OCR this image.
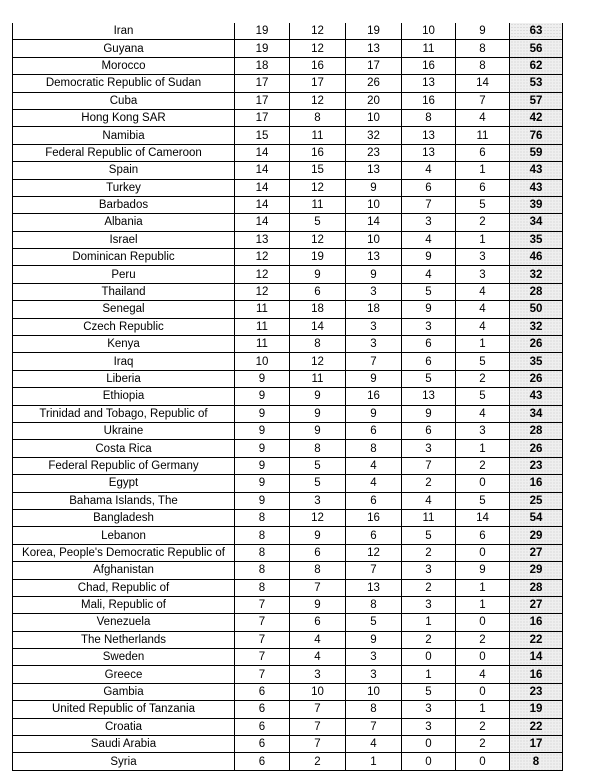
Iran	19	12	19	10	9	63
Guyana	19	12	13	11	8	56
Morocco	18	16	17	16	8	62
Democratic Republic of Sudan	17	17	26	13	14	53
Cuba	17	12	20	16	7	57
Hong Kong SAR	17	8	10	8	4	42
Namibia	15	11	32	13	11	76
Federal Republic of Cameroon	14	16	23	13	6	59
Spain	14	15	13	4	1	43
Turkey	14	12	9	6	6	43
Barbados	14	11	10	7	5	39
Albania	14	5	14	3	2	34
Israel	13	12	10	4	1	35
Dominican Republic	12	19	13	9	3	46
Peru	12	9	9	4	3	32
Thailand	12	6	3	5	4	28
Senegal	11	18	18	9	4	50
Czech Republic	11	14	3	3	4	32
Kenya	11	8	3	6	1	26
Iraq	10	12	7	6	5	35
Liberia	9	11	9	5	2	26
Ethiopia	9	9	16	13	5	43
Trinidad and Tobago, Republic of	9	9	9	9	4	34
Ukraine	9	9	6	6	3	28
Costa Rica	9	8	8	3	1	26
Federal Republic of Germany	9	5	4	7	2	23
Egypt	9	5	4	2	0	16
Bahama Islands, The	9	3	6	4	5	25
Bangladesh	8	12	16	11	14	54
Lebanon	8	9	6	5	6	29
Korea, People's Democratic Republic of	8	6	12	2	0	27
Afghanistan	8	8	7	3	9	29
Chad, Republic of	8	7	13	2	1	28
Mali, Republic of	7	9	8	3	1	27
Venezuela	7	6	5	1	0	16
The Netherlands	7	4	9	2	2	22
Sweden	7	4	3	0	0	14
Greece	7	3	3	1	4	16
Gambia	6	10	10	5	0	23
United Republic of Tanzania	6	7	8	3	1	19
Croatia	6	7	7	3	2	22
Saudi Arabia	6	7	4	0	2	17
Syria	6	2	1	0	0	8
